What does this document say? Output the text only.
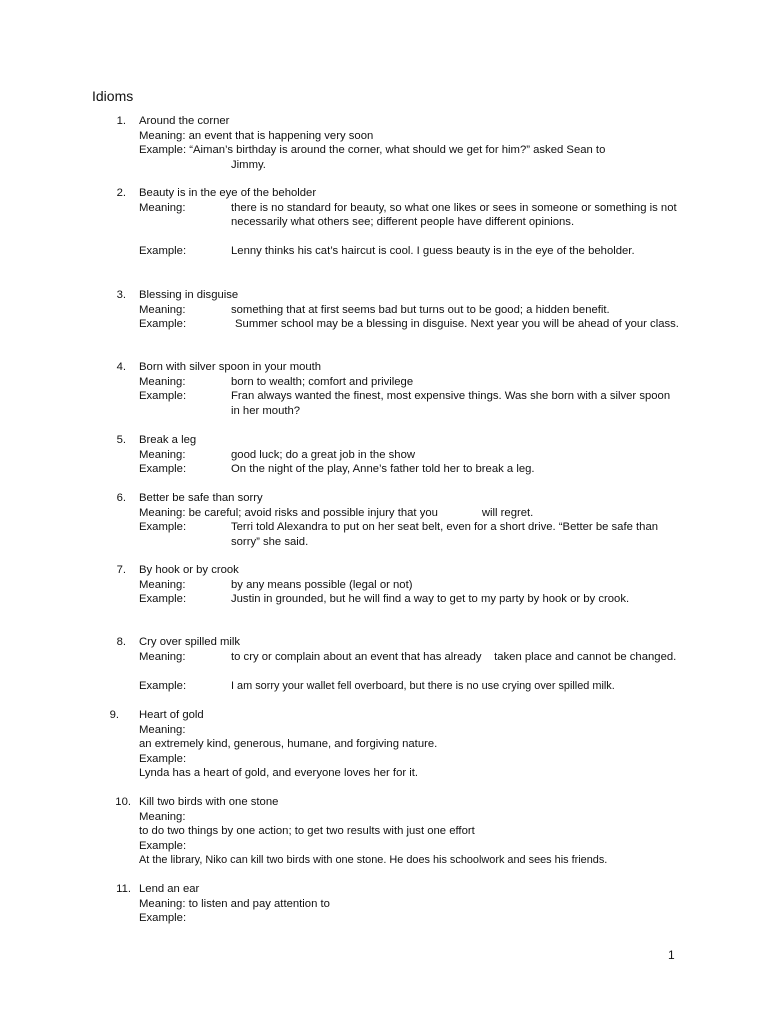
Idioms
1. Around the corner
Meaning: an event that is happening very soon
Example: “Aiman’s birthday is around the corner, what should we get for him?” asked Sean to
Jimmy.
2. Beauty is in the eye of the beholder
Meaning:	there is no standard for beauty, so what one likes or sees in someone or something is not necessarily what others see; different people have different opinions.
Example:	Lenny thinks his cat’s haircut is cool. I guess beauty is in the eye of the beholder.
3. Blessing in disguise
Meaning:	something that at first seems bad but turns out to be good; a hidden benefit.
Example:	Summer school may be a blessing in disguise. Next year you will be ahead of your class.
4. Born with silver spoon in your mouth
Meaning:	born to wealth; comfort and privilege
Example:	Fran always wanted the finest, most expensive things. Was she born with a silver spoon in her mouth?
5. Break a leg
Meaning:	good luck; do a great job in the show
Example:	On the night of the play, Anne’s father told her to break a leg.
6. Better be safe than sorry
Meaning: be careful; avoid risks and possible injury that you              will regret.
Example:	Terri told Alexandra to put on her seat belt, even for a short drive. “Better be safe than sorry” she said.
7. By hook or by crook
Meaning:	by any means possible (legal or not)
Example:	Justin in grounded, but he will find a way to get to my party by hook or by crook.
8. Cry over spilled milk
Meaning:	to cry or complain about an event that has already    taken place and cannot be changed.
Example:	I am sorry your wallet fell overboard, but there is no use crying over spilled milk.
9. Heart of gold
Meaning:
an extremely kind, generous, humane, and forgiving nature.
Example:
Lynda has a heart of gold, and everyone loves her for it.
10. Kill two birds with one stone
Meaning:
to do two things by one action; to get two results with just one effort
Example:
At the library, Niko can kill two birds with one stone. He does his schoolwork and sees his friends.
11. Lend an ear
Meaning: to listen and pay attention to
Example:
1
